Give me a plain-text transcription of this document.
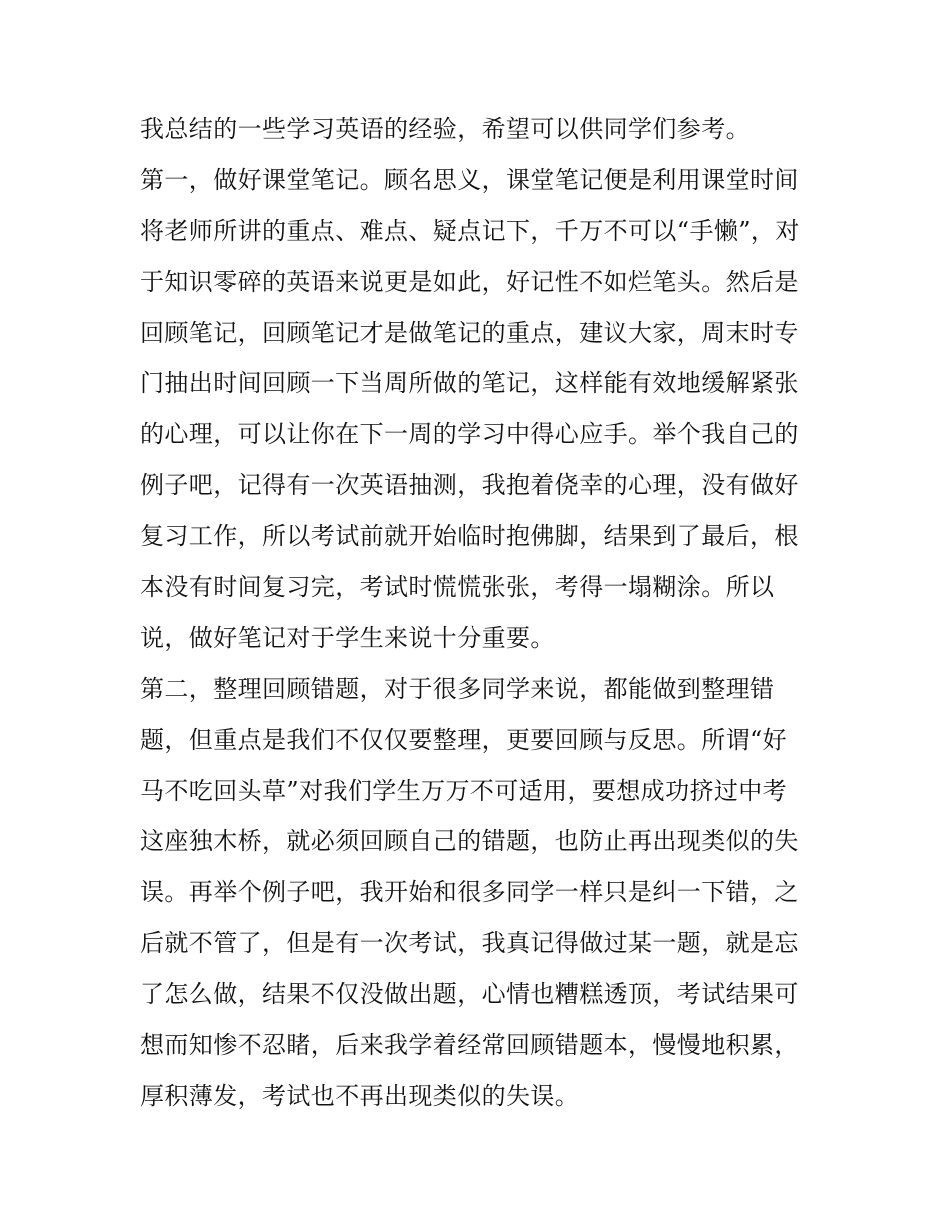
我总结的一些学习英语的经验，希望可以供同学们参考。
第一，做好课堂笔记。顾名思义，课堂笔记便是利用课堂时间
将老师所讲的重点、难点、疑点记下，千万不可以“手懒”，对
于知识零碎的英语来说更是如此，好记性不如烂笔头。然后是
回顾笔记，回顾笔记才是做笔记的重点，建议大家，周末时专
门抽出时间回顾一下当周所做的笔记，这样能有效地缓解紧张
的心理，可以让你在下一周的学习中得心应手。举个我自己的
例子吧，记得有一次英语抽测，我抱着侥幸的心理，没有做好
复习工作，所以考试前就开始临时抱佛脚，结果到了最后，根
本没有时间复习完，考试时慌慌张张，考得一塌糊涂。所以
说，做好笔记对于学生来说十分重要。
第二，整理回顾错题，对于很多同学来说，都能做到整理错
题，但重点是我们不仅仅要整理，更要回顾与反思。所谓“好
马不吃回头草”对我们学生万万不可适用，要想成功挤过中考
这座独木桥，就必须回顾自己的错题，也防止再出现类似的失
误。再举个例子吧，我开始和很多同学一样只是纠一下错，之
后就不管了，但是有一次考试，我真记得做过某一题，就是忘
了怎么做，结果不仅没做出题，心情也糟糕透顶，考试结果可
想而知惨不忍睹，后来我学着经常回顾错题本，慢慢地积累，
厚积薄发，考试也不再出现类似的失误。
